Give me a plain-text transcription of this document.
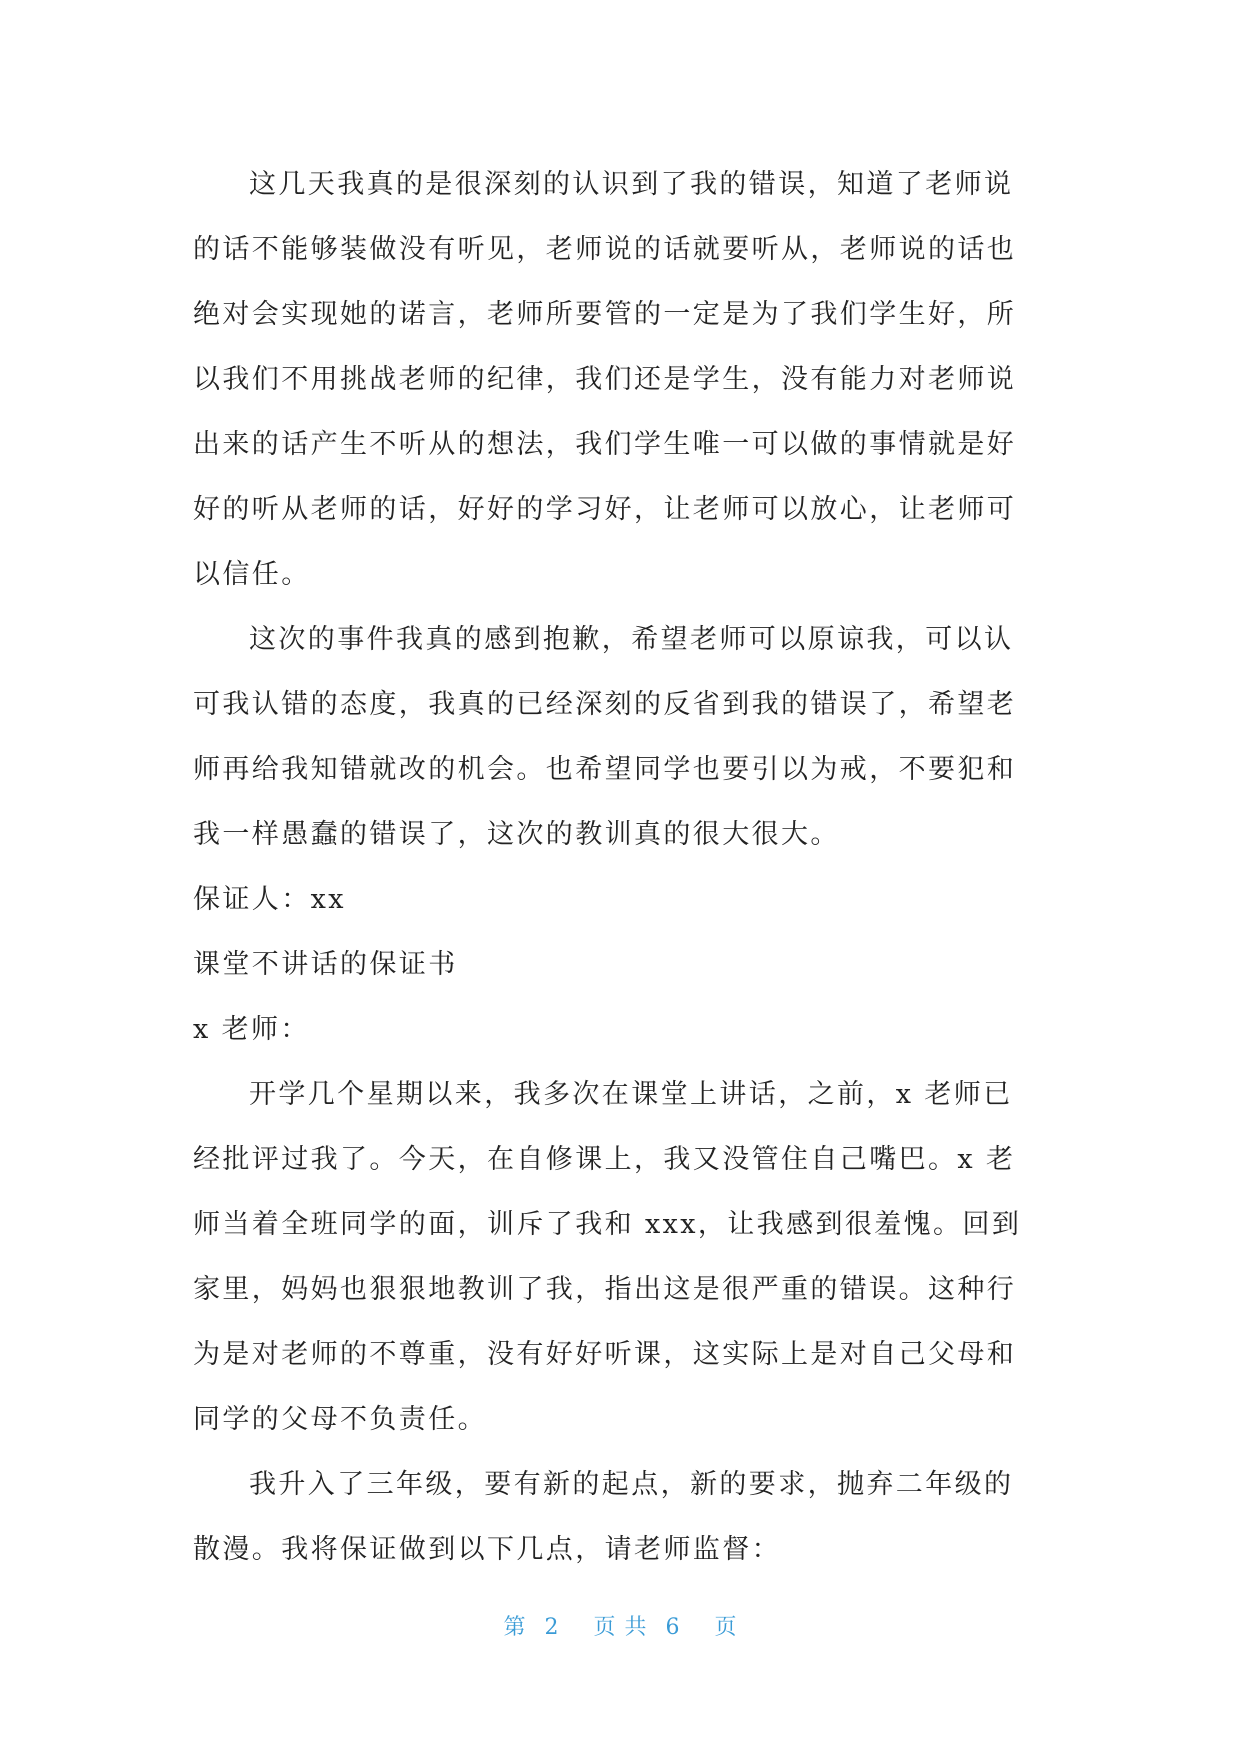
这几天我真的是很深刻的认识到了我的错误，知道了老师说的话不能够装做没有听见，老师说的话就要听从，老师说的话也绝对会实现她的诺言，老师所要管的一定是为了我们学生好，所以我们不用挑战老师的纪律，我们还是学生，没有能力对老师说出来的话产生不听从的想法，我们学生唯一可以做的事情就是好好的听从老师的话，好好的学习好，让老师可以放心，让老师可以信任。

这次的事件我真的感到抱歉，希望老师可以原谅我，可以认可我认错的态度，我真的已经深刻的反省到我的错误了，希望老师再给我知错就改的机会。也希望同学也要引以为戒，不要犯和我一样愚蠢的错误了，这次的教训真的很大很大。

保证人：xx

课堂不讲话的保证书

x 老师：

开学几个星期以来，我多次在课堂上讲话，之前，x 老师已经批评过我了。今天，在自修课上，我又没管住自己嘴巴。x 老师当着全班同学的面，训斥了我和 xxx，让我感到很羞愧。回到家里，妈妈也狠狠地教训了我，指出这是很严重的错误。这种行为是对老师的不尊重，没有好好听课，这实际上是对自己父母和同学的父母不负责任。

我升入了三年级，要有新的起点，新的要求，抛弃二年级的散漫。我将保证做到以下几点，请老师监督：

第 2 页 共 6 页
